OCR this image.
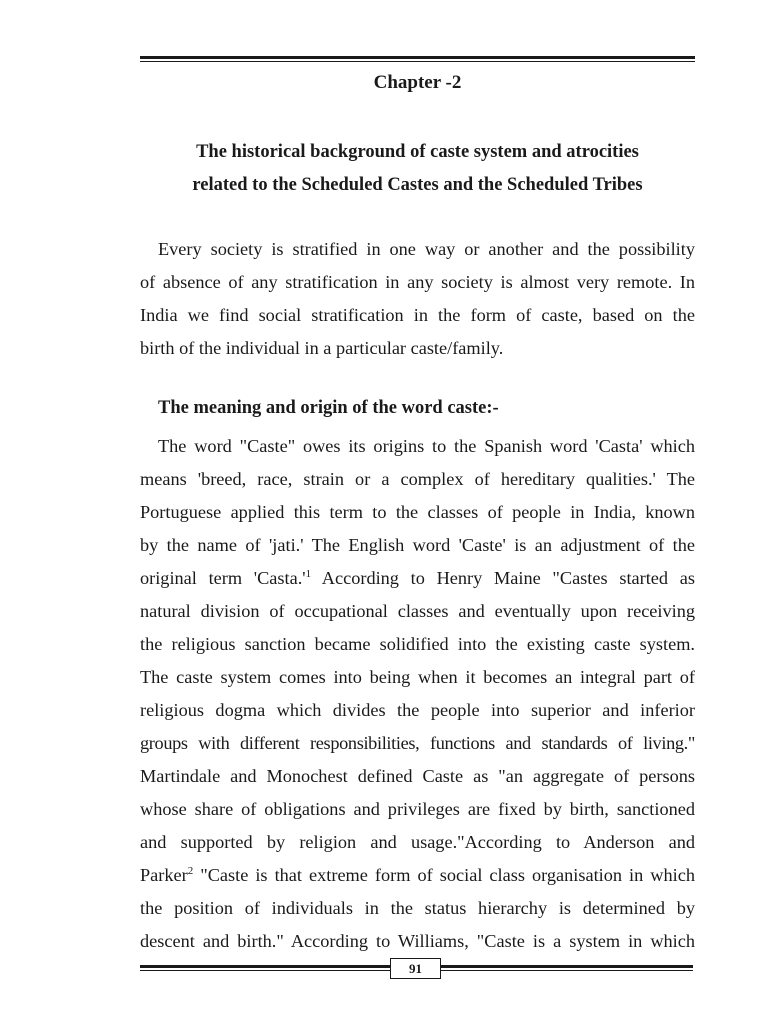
Chapter -2
The historical background of caste system and atrocities
related to the Scheduled Castes and the Scheduled Tribes
Every society is stratified in one way or another and the possibility
of absence of any stratification in any society is almost very remote. In
India we find social stratification in the form of caste, based on the
birth of the individual in a particular caste/family.
The meaning and origin of the word caste:-
The word "Caste" owes its origins to the Spanish word 'Casta' which
means 'breed, race, strain or a complex of hereditary qualities.' The
Portuguese applied this term to the classes of people in India, known
by the name of 'jati.' The English word 'Caste' is an adjustment of the
original term '$Casta.'^1$ According to Henry Maine "Castes started as
natural division of occupational classes and eventually upon receiving
the religious sanction became solidified into the existing caste system.
The caste system comes into being when it becomes an integral part of
religious dogma which divides the people into superior and inferior
groups with different responsibilities, functions and standards of living."
Martindale and Monochest defined Caste as "an aggregate of persons
whose share of obligations and privileges are fixed by birth, sanctioned
and supported by religion and usage."According to Anderson and
Parker$^2$ "Caste is that extreme form of social class organisation in which
the position of individuals in the status hierarchy is determined by
descent and birth." According to Williams, "Caste is a system in which
91
